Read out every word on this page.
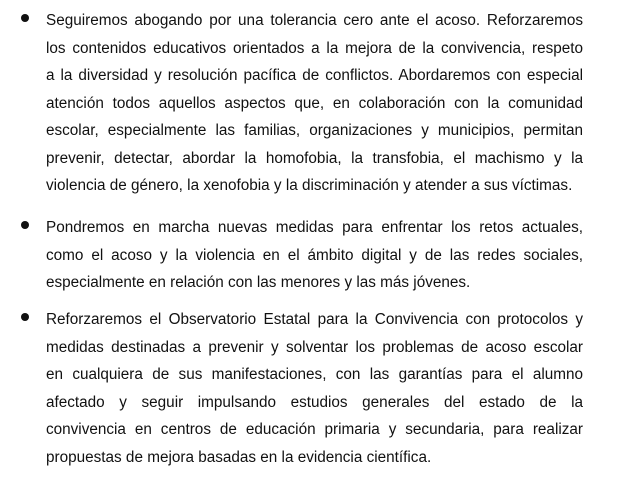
Seguiremos abogando por una tolerancia cero ante el acoso. Reforzaremos
los contenidos educativos orientados a la mejora de la convivencia, respeto
a la diversidad y resolución pacífica de conflictos. Abordaremos con especial
atención todos aquellos aspectos que, en colaboración con la comunidad
escolar, especialmente las familias, organizaciones y municipios, permitan
prevenir, detectar, abordar la homofobia, la transfobia, el machismo y la
violencia de género, la xenofobia y la discriminación y atender a sus víctimas.
Pondremos en marcha nuevas medidas para enfrentar los retos actuales,
como el acoso y la violencia en el ámbito digital y de las redes sociales,
especialmente en relación con las menores y las más jóvenes.
Reforzaremos el Observatorio Estatal para la Convivencia con protocolos y
medidas destinadas a prevenir y solventar los problemas de acoso escolar
en cualquiera de sus manifestaciones, con las garantías para el alumno
afectado y seguir impulsando estudios generales del estado de la
convivencia en centros de educación primaria y secundaria, para realizar
propuestas de mejora basadas en la evidencia científica.
